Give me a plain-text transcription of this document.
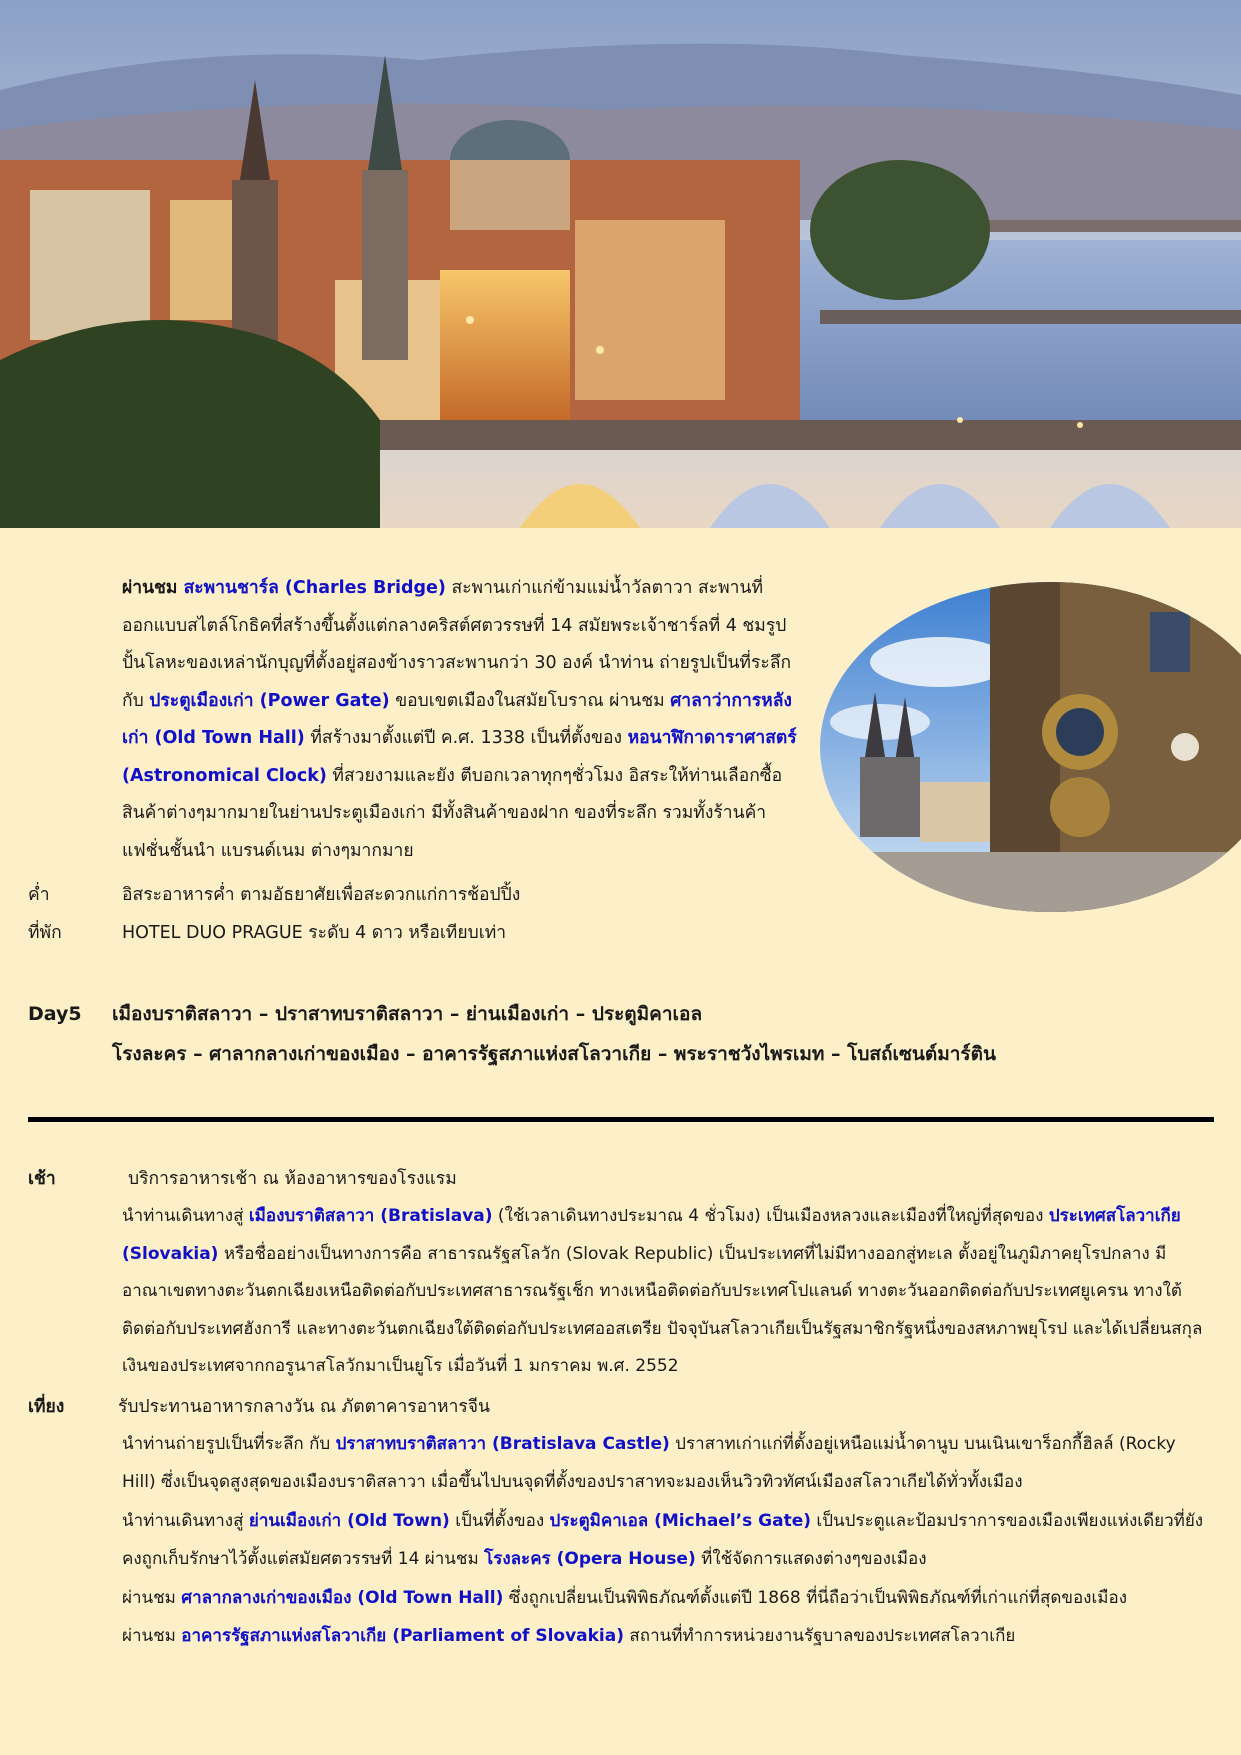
ผ่านชม สะพานชาร์ล (Charles Bridge) สะพานเก่าแก่ข้ามแม่น้ำวัลตาวา สะพานที่ออกแบบสไตล์โกธิคที่สร้างขึ้นตั้งแต่กลางคริสต์ศตวรรษที่ 14 สมัยพระเจ้าชาร์ลที่ 4 ชมรูปปั้นโลหะของเหล่านักบุญที่ตั้งอยู่สองข้างราวสะพานกว่า 30 องค์ นำท่าน ถ่ายรูปเป็นที่ระลึก กับ ประตูเมืองเก่า (Power Gate) ขอบเขตเมืองในสมัยโบราณ ผ่านชม ศาลาว่าการหลังเก่า (Old Town Hall) ที่สร้างมาตั้งแต่ปี ค.ศ. 1338 เป็นที่ตั้งของ หอนาฬิกาดาราศาสตร์ (Astronomical Clock) ที่สวยงามและยัง ตีบอกเวลาทุกๆชั่วโมง อิสระให้ท่านเลือกซื้อสินค้าต่างๆมากมายในย่านประตูเมืองเก่า มีทั้งสินค้าของฝาก ของที่ระลึก รวมทั้งร้านค้าแฟชั่นชั้นนำ แบรนด์เนม ต่างๆมากมาย
ค่ำ	อิสระอาหารค่ำ ตามอัธยาศัยเพื่อสะดวกแก่การช้อปปิ้ง
ที่พัก	HOTEL DUO PRAGUE ระดับ 4 ดาว หรือเทียบเท่า
Day5 เมืองบราติสลาวา – ปราสาทบราติสลาวา – ย่านเมืองเก่า – ประตูมิคาเอล
โรงละคร – ศาลากลางเก่าของเมือง – อาคารรัฐสภาแห่งสโลวาเกีย – พระราชวังไพรเมท – โบสถ์เซนต์มาร์ติน
เช้า	บริการอาหารเช้า ณ ห้องอาหารของโรงแรม
นำท่านเดินทางสู่ เมืองบราติสลาวา (Bratislava) (ใช้เวลาเดินทางประมาณ 4 ชั่วโมง) เป็นเมืองหลวงและเมืองที่ใหญ่ที่สุดของ ประเทศสโลวาเกีย (Slovakia) หรือชื่ออย่างเป็นทางการคือ สาธารณรัฐสโลวัก (Slovak Republic) เป็นประเทศที่ไม่มีทางออกสู่ทะเล ตั้งอยู่ในภูมิภาคยุโรปกลาง มีอาณาเขตทางตะวันตกเฉียงเหนือติดต่อกับประเทศสาธารณรัฐเช็ก ทางเหนือติดต่อกับประเทศโปแลนด์ ทางตะวันออกติดต่อกับประเทศยูเครน ทางใต้ติดต่อกับประเทศฮังการี และทางตะวันตกเฉียงใต้ติดต่อกับประเทศออสเตรีย ปัจจุบันสโลวาเกียเป็นรัฐสมาชิกรัฐหนึ่งของสหภาพยุโรป และได้เปลี่ยนสกุลเงินของประเทศจากกอรูนาสโลวักมาเป็นยูโร เมื่อวันที่ 1 มกราคม พ.ศ. 2552
เที่ยง	รับประทานอาหารกลางวัน ณ ภัตตาคารอาหารจีน
นำท่านถ่ายรูปเป็นที่ระลึก กับ ปราสาทบราติสลาวา (Bratislava Castle) ปราสาทเก่าแก่ที่ตั้งอยู่เหนือแม่น้ำดานูบ บนเนินเขาร็อกกี้ฮิลล์ (Rocky Hill) ซึ่งเป็นจุดสูงสุดของเมืองบราติสลาวา เมื่อขึ้นไปบนจุดที่ตั้งของปราสาทจะมองเห็นวิวทิวทัศน์เมืองสโลวาเกียได้ทั่วทั้งเมือง
นำท่านเดินทางสู่ ย่านเมืองเก่า (Old Town) เป็นที่ตั้งของ ประตูมิคาเอล (Michael’s Gate) เป็นประตูและป้อมปราการของเมืองเพียงแห่งเดียวที่ยังคงถูกเก็บรักษาไว้ตั้งแต่สมัยศตวรรษที่ 14 ผ่านชม โรงละคร (Opera House) ที่ใช้จัดการแสดงต่างๆของเมือง
ผ่านชม ศาลากลางเก่าของเมือง (Old Town Hall) ซึ่งถูกเปลี่ยนเป็นพิพิธภัณฑ์ตั้งแต่ปี 1868 ที่นี่ถือว่าเป็นพิพิธภัณฑ์ที่เก่าแก่ที่สุดของเมือง
ผ่านชม อาคารรัฐสภาแห่งสโลวาเกีย (Parliament of Slovakia) สถานที่ทำการหน่วยงานรัฐบาลของประเทศสโลวาเกีย
